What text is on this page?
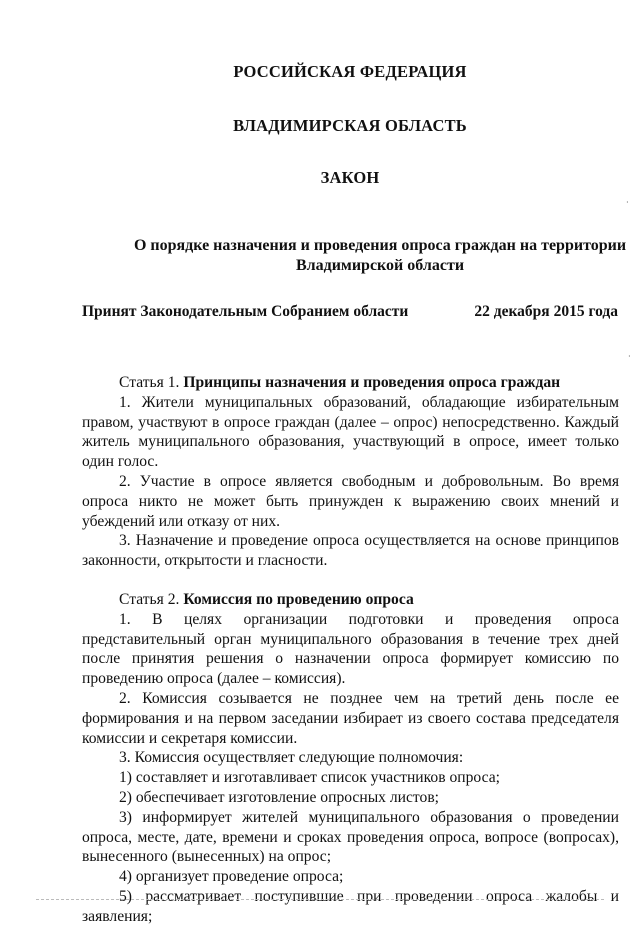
РОССИЙСКАЯ ФЕДЕРАЦИЯ
ВЛАДИМИРСКАЯ ОБЛАСТЬ
ЗАКОН
О порядке назначения и проведения опроса граждан на территории
Владимирской области
Принят Законодательным Собранием области	22 декабря 2015 года

Статья 1. Принципы назначения и проведения опроса граждан

1. Жители муниципальных образований, обладающие избирательным

правом, участвуют в опросе граждан (далее – опрос) непосредственно. Каждый житель муниципального образования, участвующий в опросе, имеет только один голос.

2. Участие в опросе является свободным и добровольным. Во время опроса никто не может быть принужден к выражению своих мнений и убеждений или отказу от них.

3. Назначение и проведение опроса осуществляется на основе принципов законности, открытости и гласности.

Статья 2. Комиссия по проведению опроса

1. В целях организации подготовки и проведения опроса представительный орган муниципального образования в течение трех дней после принятия решения о назначении опроса формирует комиссию по проведению опроса (далее – комиссия).

2. Комиссия созывается не позднее чем на третий день после ее формирования и на первом заседании избирает из своего состава председателя комиссии и секретаря комиссии.

3. Комиссия осуществляет следующие полномочия:

1) составляет и изготавливает список участников опроса;

2) обеспечивает изготовление опросных листов;

3) информирует жителей муниципального образования о проведении опроса, месте, дате, времени и сроках проведения опроса, вопросе (вопросах), вынесенного (вынесенных) на опрос;

4) организует проведение опроса;

5) рассматривает поступившие при проведении опроса жалобы и заявления;

·
·
